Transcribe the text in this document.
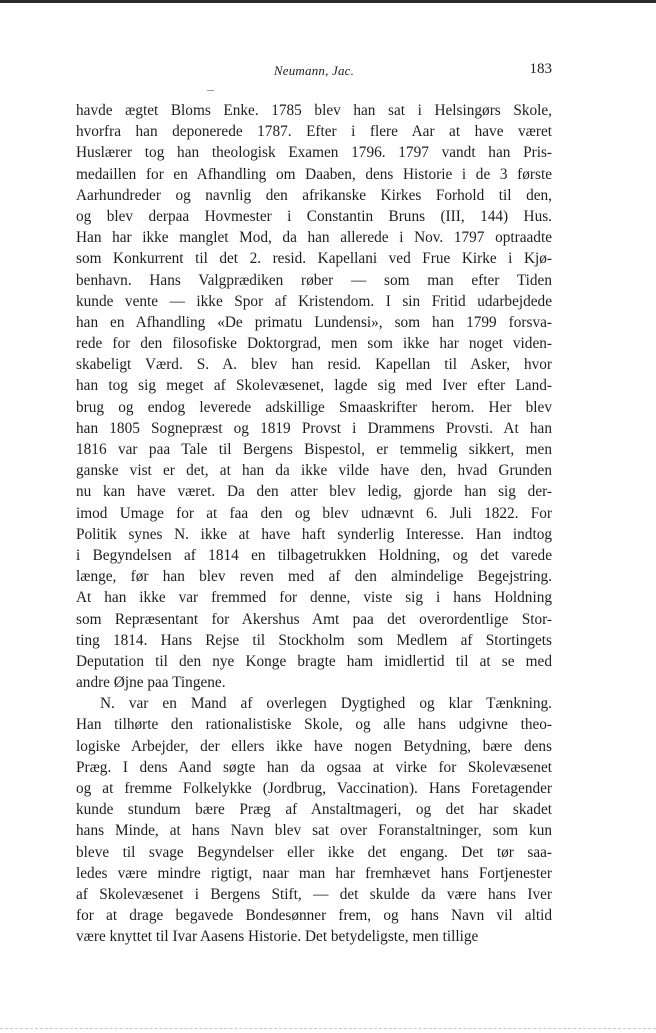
Neumann, Jac.	183
havde ægtet Bloms Enke. 1785 blev han sat i Helsingørs Skole,
hvorfra han deponerede 1787. Efter i flere Aar at have været
Huslærer tog han theologisk Examen 1796. 1797 vandt han Pris-
medaillen for en Afhandling om Daaben, dens Historie i de 3 første
Aarhundreder og navnlig den afrikanske Kirkes Forhold til den,
og blev derpaa Hovmester i Constantin Bruns (III, 144) Hus.
Han har ikke manglet Mod, da han allerede i Nov. 1797 optraadte
som Konkurrent til det 2. resid. Kapellani ved Frue Kirke i Kjø-
benhavn. Hans Valgprædiken røber — som man efter Tiden
kunde vente — ikke Spor af Kristendom. I sin Fritid udarbejdede
han en Afhandling «De primatu Lundensi», som han 1799 forsva-
rede for den filosofiske Doktorgrad, men som ikke har noget viden-
skabeligt Værd. S. A. blev han resid. Kapellan til Asker, hvor
han tog sig meget af Skolevæsenet, lagde sig med Iver efter Land-
brug og endog leverede adskillige Smaaskrifter herom. Her blev
han 1805 Sognepræst og 1819 Provst i Drammens Provsti. At han
1816 var paa Tale til Bergens Bispestol, er temmelig sikkert, men
ganske vist er det, at han da ikke vilde have den, hvad Grunden
nu kan have været. Da den atter blev ledig, gjorde han sig der-
imod Umage for at faa den og blev udnævnt 6. Juli 1822. For
Politik synes N. ikke at have haft synderlig Interesse. Han indtog
i Begyndelsen af 1814 en tilbagetrukken Holdning, og det varede
længe, før han blev reven med af den almindelige Begejstring.
At han ikke var fremmed for denne, viste sig i hans Holdning
som Repræsentant for Akershus Amt paa det overordentlige Stor-
ting 1814. Hans Rejse til Stockholm som Medlem af Stortingets
Deputation til den nye Konge bragte ham imidlertid til at se med
andre Øjne paa Tingene.
N. var en Mand af overlegen Dygtighed og klar Tænkning.
Han tilhørte den rationalistiske Skole, og alle hans udgivne theo-
logiske Arbejder, der ellers ikke have nogen Betydning, bære dens
Præg. I dens Aand søgte han da ogsaa at virke for Skolevæsenet
og at fremme Folkelykke (Jordbrug, Vaccination). Hans Foretagender
kunde stundum bære Præg af Anstaltmageri, og det har skadet
hans Minde, at hans Navn blev sat over Foranstaltninger, som kun
bleve til svage Begyndelser eller ikke det engang. Det tør saa-
ledes være mindre rigtigt, naar man har fremhævet hans Fortjenester
af Skolevæsenet i Bergens Stift, — det skulde da være hans Iver
for at drage begavede Bondesønner frem, og hans Navn vil altid
være knyttet til Ivar Aasens Historie. Det betydeligste, men tillige
